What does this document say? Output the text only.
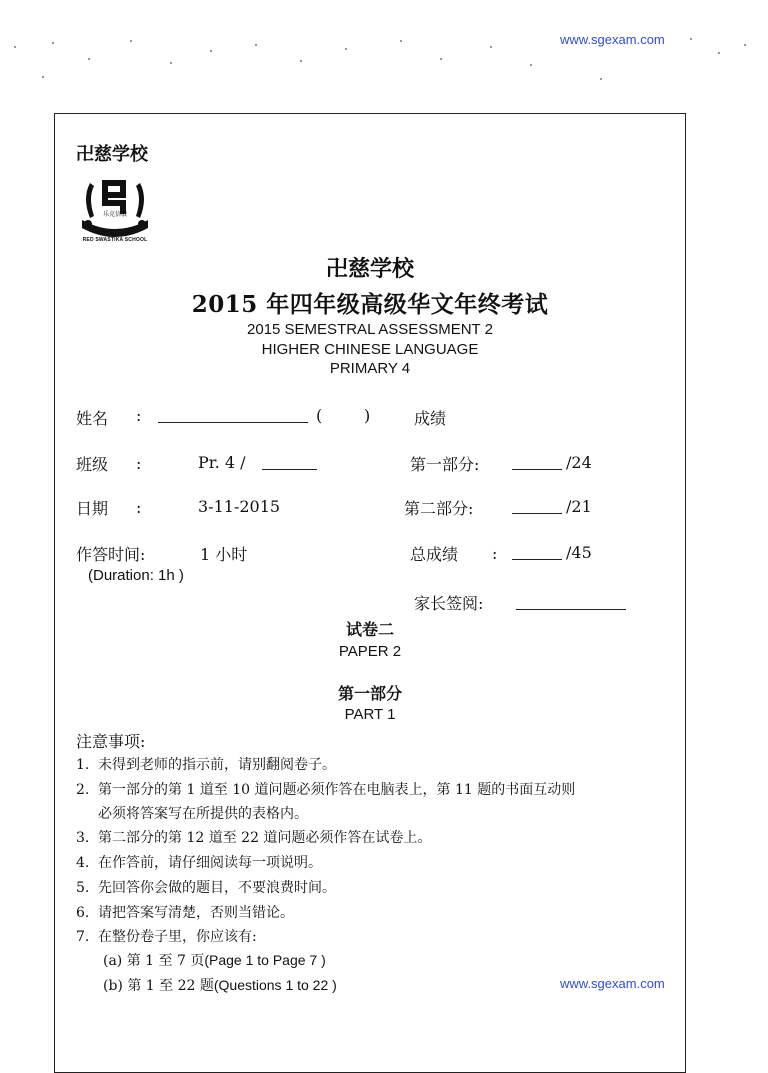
www.sgexam.com
www.sgexam.com
卍慈学校
乐克信敏
RED SWASTIKA SCHOOL
卍慈学校
2015 年四年级高级华文年终考试
2015 SEMESTRAL ASSESSMENT 2
HIGHER CHINESE LANGUAGE
PRIMARY 4
姓名 :	(	)	成绩
班级 :	Pr. 4 /	第一部分:	/24
日期 :	3-11-2015	第二部分:	/21
作答时间:	1 小时	总成绩 :	/45
(Duration: 1h )
家长签阅:
试卷二
PAPER 2
第一部分
PART 1
注意事项:
1. 未得到老师的指示前，请别翻阅卷子。
2. 第一部分的第 1 道至 10 道问题必须作答在电脑表上，第 11 题的书面互动则
必须将答案写在所提供的表格内。
3. 第二部分的第 12 道至 22 道问题必须作答在试卷上。
4. 在作答前，请仔细阅读每一项说明。
5. 先回答你会做的题目，不要浪费时间。
6. 请把答案写清楚，否则当错论。
7. 在整份卷子里，你应该有:
(a) 第 1 至 7 页(Page 1 to Page 7 )
(b) 第 1 至 22 题(Questions 1 to 22 )
